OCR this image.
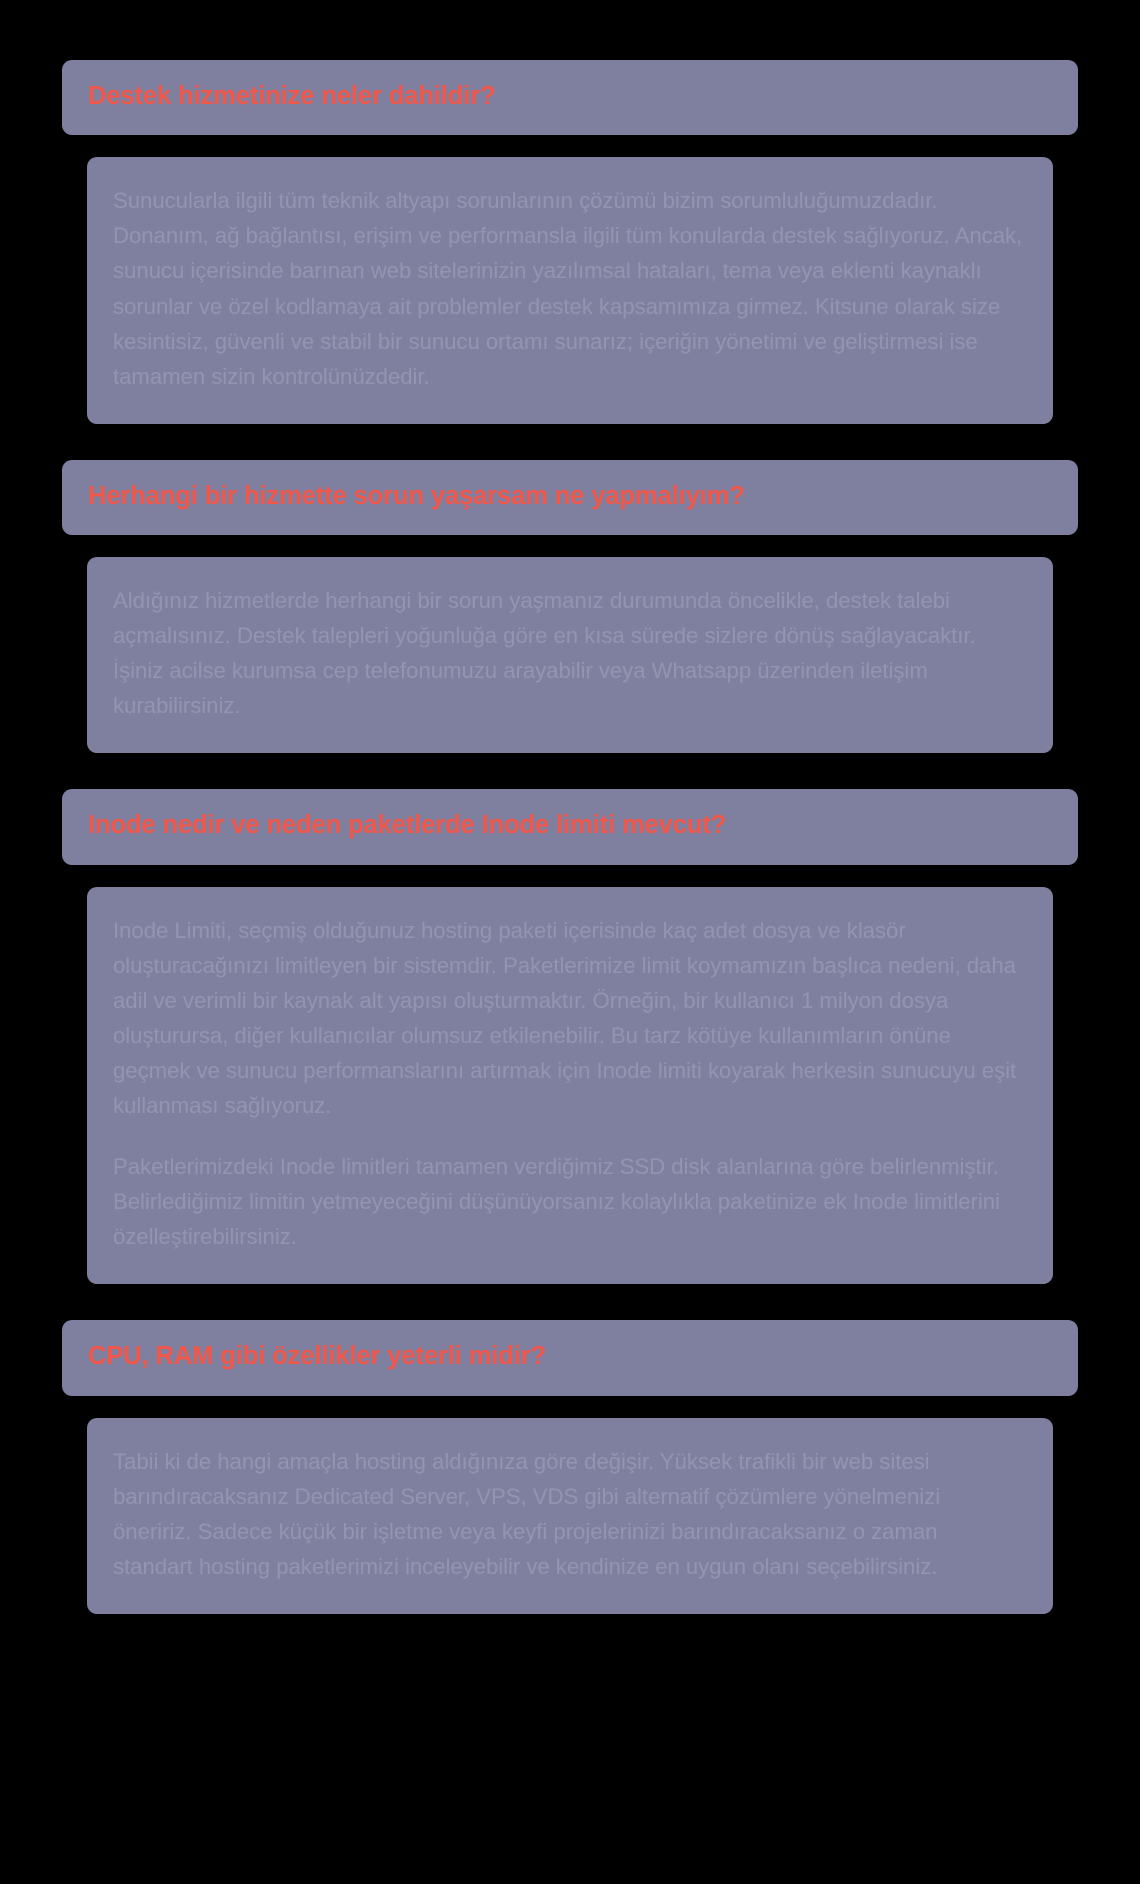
Destek hizmetinize neler dahildir?

Sunucularla ilgili tüm teknik altyapı sorunlarının çözümü bizim sorumluluğumuzdadır. Donanım, ağ bağlantısı, erişim ve performansla ilgili tüm konularda destek sağlıyoruz. Ancak, sunucu içerisinde barınan web sitelerinizin yazılımsal hataları, tema veya eklenti kaynaklı sorunlar ve özel kodlamaya ait problemler destek kapsamımıza girmez. Kitsune olarak size kesintisiz, güvenli ve stabil bir sunucu ortamı sunarız; içeriğin yönetimi ve geliştirmesi ise tamamen sizin kontrolünüzdedir.

Herhangi bir hizmette sorun yaşarsam ne yapmalıyım?

Aldığınız hizmetlerde herhangi bir sorun yaşmanız durumunda öncelikle, destek talebi açmalısınız. Destek talepleri yoğunluğa göre en kısa sürede sizlere dönüş sağlayacaktır. İşiniz acilse kurumsa cep telefonumuzu arayabilir veya Whatsapp üzerinden iletişim kurabilirsiniz.

Inode nedir ve neden paketlerde Inode limiti mevcut?

Inode Limiti, seçmiş olduğunuz hosting paketi içerisinde kaç adet dosya ve klasör oluşturacağınızı limitleyen bir sistemdir. Paketlerimize limit koymamızın başlıca nedeni, daha adil ve verimli bir kaynak alt yapısı oluşturmaktır. Örneğin, bir kullanıcı 1 milyon dosya oluşturursa, diğer kullanıcılar olumsuz etkilenebilir. Bu tarz kötüye kullanımların önüne geçmek ve sunucu performanslarını artırmak için Inode limiti koyarak herkesin sunucuyu eşit kullanması sağlıyoruz.

Paketlerimizdeki Inode limitleri tamamen verdiğimiz SSD disk alanlarına göre belirlenmiştir. Belirlediğimiz limitin yetmeyeceğini düşünüyorsanız kolaylıkla paketinize ek Inode limitlerini özelleştirebilirsiniz.

CPU, RAM gibi özellikler yeterli midir?

Tabii ki de hangi amaçla hosting aldığınıza göre değişir. Yüksek trafikli bir web sitesi barındıracaksanız Dedicated Server, VPS, VDS gibi alternatif çözümlere yönelmenizi öneririz. Sadece küçük bir işletme veya keyfi projelerinizi barındıracaksanız o zaman standart hosting paketlerimizi inceleyebilir ve kendinize en uygun olanı seçebilirsiniz.
